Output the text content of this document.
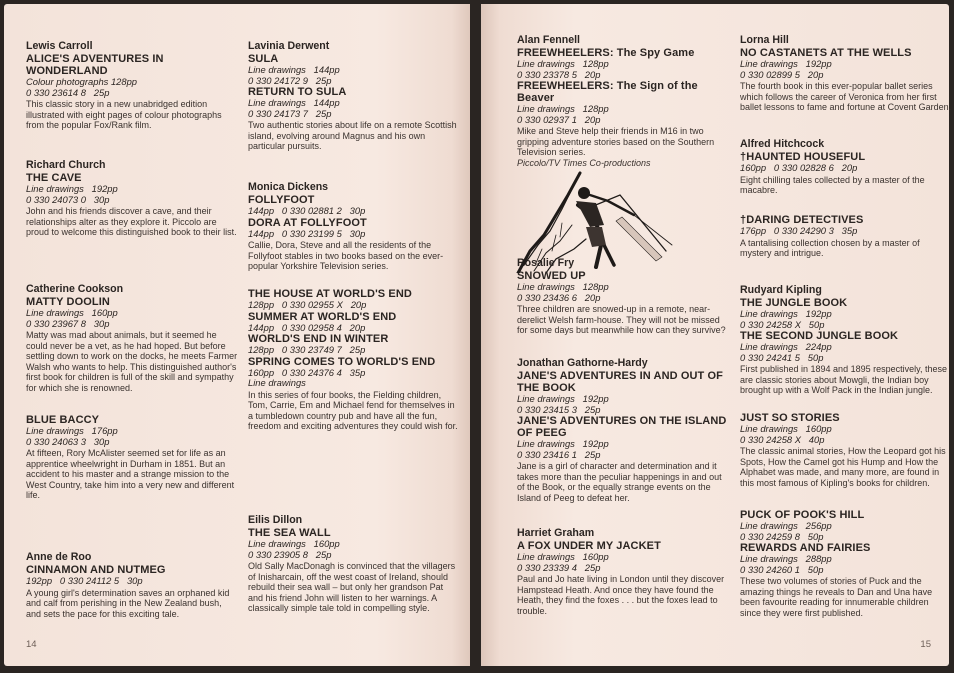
Lewis Carroll
ALICE'S ADVENTURES IN WONDERLAND
Colour photographs 128pp
0 330 23614 8   25p
This classic story in a new unabridged edition illustrated with eight pages of colour photographs from the popular Fox/Rank film.
Richard Church
THE CAVE
Line drawings   192pp
0 330 24073 0   30p
John and his friends discover a cave, and their relationships alter as they explore it. Piccolo are proud to welcome this distinguished book to their list.
Catherine Cookson
MATTY DOOLIN
Line drawings   160pp
0 330 23967 8   30p
Matty was mad about animals, but it seemed he could never be a vet, as he had hoped. But before settling down to work on the docks, he meets Farmer Walsh who wants to help. This distinguished author's first book for children is full of the skill and sympathy for which she is renowned.
BLUE BACCY
Line drawings   176pp
0 330 24063 3   30p
At fifteen, Rory McAlister seemed set for life as an apprentice wheelwright in Durham in 1851. But an accident to his master and a strange mission to the West Country, take him into a very new and different life.
Anne de Roo
CINNAMON AND NUTMEG
192pp   0 330 24112 5   30p
A young girl's determination saves an orphaned kid and calf from perishing in the New Zealand bush, and sets the pace for this exciting tale.
Lavinia Derwent
SULA
Line drawings   144pp
0 330 24172 9   25p
RETURN TO SULA
Line drawings   144pp
0 330 24173 7   25p
Two authentic stories about life on a remote Scottish island, evolving around Magnus and his own particular pursuits.
Monica Dickens
FOLLYFOOT
144pp   0 330 02881 2   30p
DORA AT FOLLYFOOT
144pp   0 330 23199 5   30p
Callie, Dora, Steve and all the residents of the Follyfoot stables in two books based on the ever-popular Yorkshire Television series.
THE HOUSE AT WORLD'S END
128pp   0 330 02955 X   20p
SUMMER AT WORLD'S END
144pp   0 330 02958 4   20p
WORLD'S END IN WINTER
128pp   0 330 23749 7   25p
SPRING COMES TO WORLD'S END
160pp   0 330 24376 4   35p
Line drawings
In this series of four books, the Fielding children, Tom, Carrie, Em and Michael fend for themselves in a tumbledown country pub and have all the fun, freedom and exciting adventures they could wish for.
Eilis Dillon
THE SEA WALL
Line drawings   160pp
0 330 23905 8   25p
Old Sally MacDonagh is convinced that the villagers of Inisharcain, off the west coast of Ireland, should rebuild their sea wall – but only her grandson Pat and his friend John will listen to her warnings. A classically simple tale told in compelling style.
14
Alan Fennell
FREEWHEELERS: The Spy Game
Line drawings   128pp
0 330 23378 5   20p
FREEWHEELERS: The Sign of the Beaver
Line drawings   128pp
0 330 02937 1   20p
Mike and Steve help their friends in M16 in two gripping adventure stories based on the Southern Television series.
Piccolo/TV Times Co-productions
Rosalie Fry
SNOWED UP
Line drawings   128pp
0 330 23436 6   20p
Three children are snowed-up in a remote, near-derelict Welsh farm-house. They will not be missed for some days but meanwhile how can they survive?
Jonathan Gathorne-Hardy
JANE'S ADVENTURES IN AND OUT OF THE BOOK
Line drawings   192pp
0 330 23415 3   25p
JANE'S ADVENTURES ON THE ISLAND OF PEEG
Line drawings   192pp
0 330 23416 1   25p
Jane is a girl of character and determination and it takes more than the peculiar happenings in and out of the Book, or the equally strange events on the Island of Peeg to defeat her.
Harriet Graham
A FOX UNDER MY JACKET
Line drawings   160pp
0 330 23339 4   25p
Paul and Jo hate living in London until they discover Hampstead Heath. And once they have found the Heath, they find the foxes . . . but the foxes lead to trouble.
Lorna Hill
NO CASTANETS AT THE WELLS
Line drawings   192pp
0 330 02899 5   20p
The fourth book in this ever-popular ballet series which follows the career of Veronica from her first ballet lessons to fame and fortune at Covent Garden.
Alfred Hitchcock
†HAUNTED HOUSEFUL
160pp   0 330 02828 6   20p
Eight chilling tales collected by a master of the macabre.
†DARING DETECTIVES
176pp   0 330 24290 3   35p
A tantalising collection chosen by a master of mystery and intrigue.
Rudyard Kipling
THE JUNGLE BOOK
Line drawings   192pp
0 330 24258 X   50p
THE SECOND JUNGLE BOOK
Line drawings   224pp
0 330 24241 5   50p
First published in 1894 and 1895 respectively, these are classic stories about Mowgli, the Indian boy brought up with a Wolf Pack in the Indian jungle.
JUST SO STORIES
Line drawings   160pp
0 330 24258 X   40p
The classic animal stories, How the Leopard got his Spots, How the Camel got his Hump and How the Alphabet was made, and many more, are found in this most famous of Kipling's books for children.
PUCK OF POOK'S HILL
Line drawings   256pp
0 330 24259 8   50p
REWARDS AND FAIRIES
Line drawings   288pp
0 330 24260 1   50p
These two volumes of stories of Puck and the amazing things he reveals to Dan and Una have been favourite reading for innumerable children since they were first published.
15
